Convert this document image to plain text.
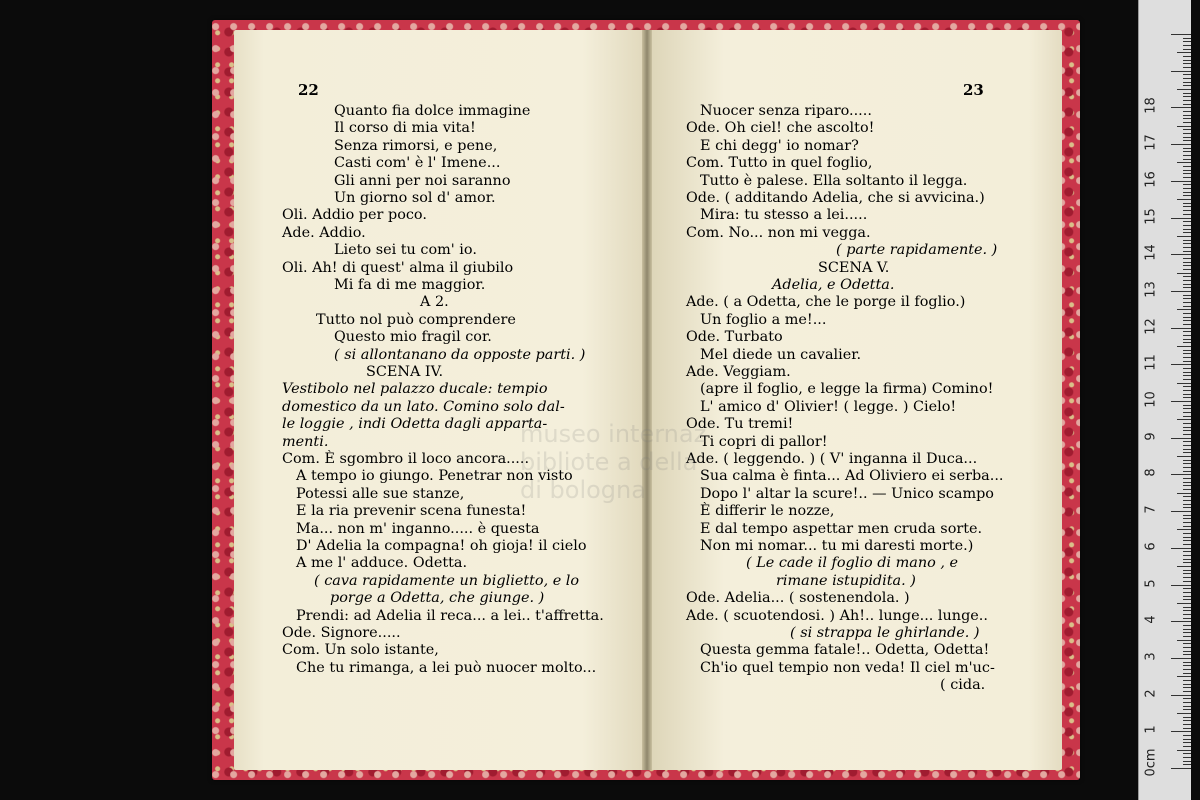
22	23
Quanto fia dolce immagine
Il corso di mia vita!
Senza rimorsi, e pene,
Casti com' è l' Imene...
Gli anni per noi saranno
Un giorno sol d' amor.
Oli. Addio per poco.
Ade. Addio.
Lieto sei tu com' io.
Oli. Ah! di quest' alma il giubilo
Mi fa di me maggior.
A 2.
Tutto nol può comprendere
Questo mio fragil cor.
( si allontanano da opposte parti. )
SCENA IV.
Vestibolo nel palazzo ducale: tempio
domestico da un lato. Comino solo dal-
le loggie , indi Odetta dagli apparta-
menti.
Com. È sgombro il loco ancora.....
A tempo io giungo. Penetrar non visto
Potessi alle sue stanze,
E la ria prevenir scena funesta!
Ma... non m' inganno..... è questa
D' Adelia la compagna! oh gioja! il cielo
A me l' adduce. Odetta.
( cava rapidamente un biglietto, e lo
porge a Odetta, che giunge. )
Prendi: ad Adelia il reca... a lei.. t'affretta.
Ode. Signore.....
Com. Un solo istante,
Che tu rimanga, a lei può nuocer molto...
Nuocer senza riparo.....
Ode. Oh ciel! che ascolto!
E chi degg' io nomar?
Com. Tutto in quel foglio,
Tutto è palese. Ella soltanto il legga.
Ode. ( additando Adelia, che si avvicina.)
Mira: tu stesso a lei.....
Com. No... non mi vegga.
( parte rapidamente. )
SCENA V.
Adelia, e Odetta.
Ade. ( a Odetta, che le porge il foglio.)
Un foglio a me!...
Ode. Turbato
Mel diede un cavalier.
Ade. Veggiam.
(apre il foglio, e legge la firma) Comino!
L' amico d' Olivier! ( legge. ) Cielo!
Ode. Tu tremi!
Ti copri di pallor!
Ade. ( leggendo. ) ( V' inganna il Duca...
Sua calma è finta... Ad Oliviero ei serba...
Dopo l' altar la scure!.. — Unico scampo
È differir le nozze,
E dal tempo aspettar men cruda sorte.
Non mi nomar... tu mi daresti morte.)
( Le cade il foglio di mano , e
rimane istupidita. )
Ode. Adelia... ( sostenendola. )
Ade. ( scuotendosi. ) Ah!.. lunge... lunge..
( si strappa le ghirlande. )
Questa gemma fatale!.. Odetta, Odetta!
Ch'io quel tempio non veda! Il ciel m'uc-
( cida.
museo internaz
bibliote a della
di bologna
0cm
1
2
3
4
5
6
7
8
9
10
11
12
13
14
15
16
17
18
